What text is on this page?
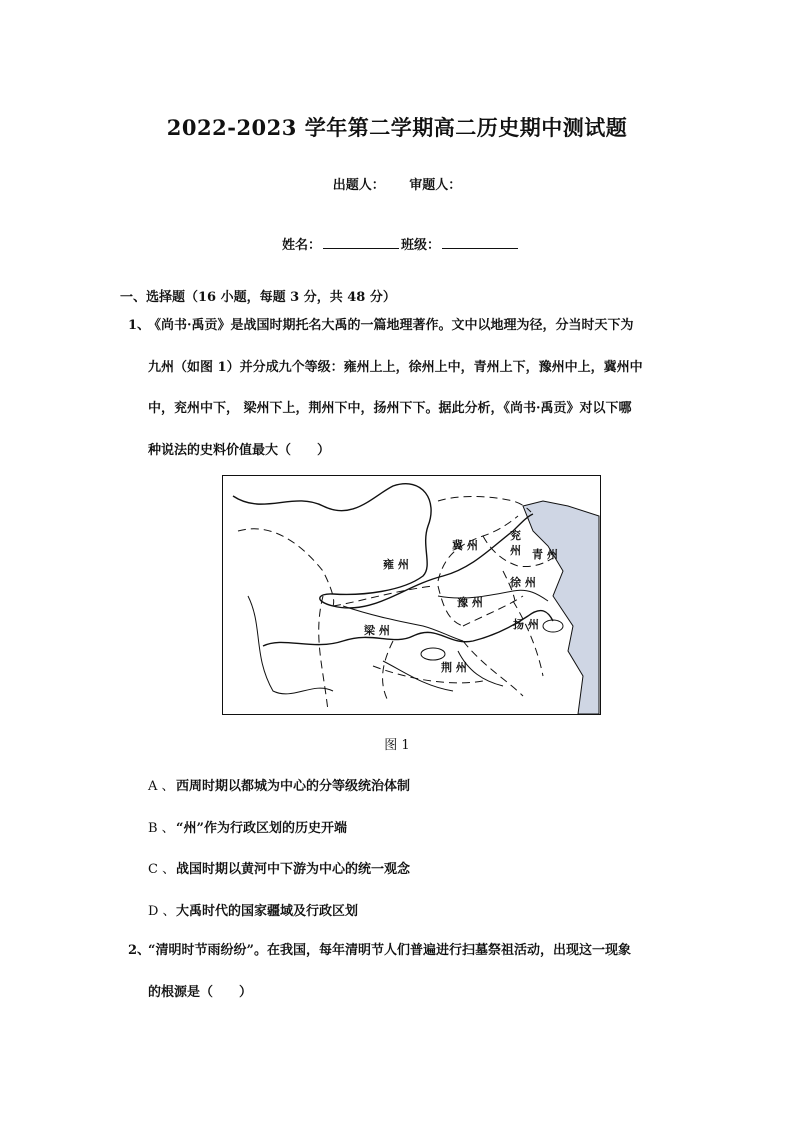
2022-2023 学年第二学期高二历史期中测试题
出题人： 审题人：
姓名：	班级：
一、选择题（16 小题，每题 3 分，共 48 分）
1、
《尚书·禹贡》是战国时期托名大禹的一篇地理著作。文中以地理为径，分当时天下为
九州（如图 1）并分成九个等级：雍州上上，徐州上中，青州上下，豫州中上，冀州中
中，兖州中下， 梁州下上，荆州下中，扬州下下。据此分析，《尚书·禹贡》对以下哪
种说法的史料价值最大（　　）
雍 州
冀 州
兖
州 青 州
徐 州
豫 州
梁 州	扬 州
荆 州
图 1
A 、西周时期以都城为中心的分等级统治体制
B 、“州”作为行政区划的历史开端
C 、战国时期以黄河中下游为中心的统一观念
D 、大禹时代的国家疆域及行政区划
2、
“清明时节雨纷纷”。在我国，每年清明节人们普遍进行扫墓祭祖活动，出现这一现象
的根源是（　　）
